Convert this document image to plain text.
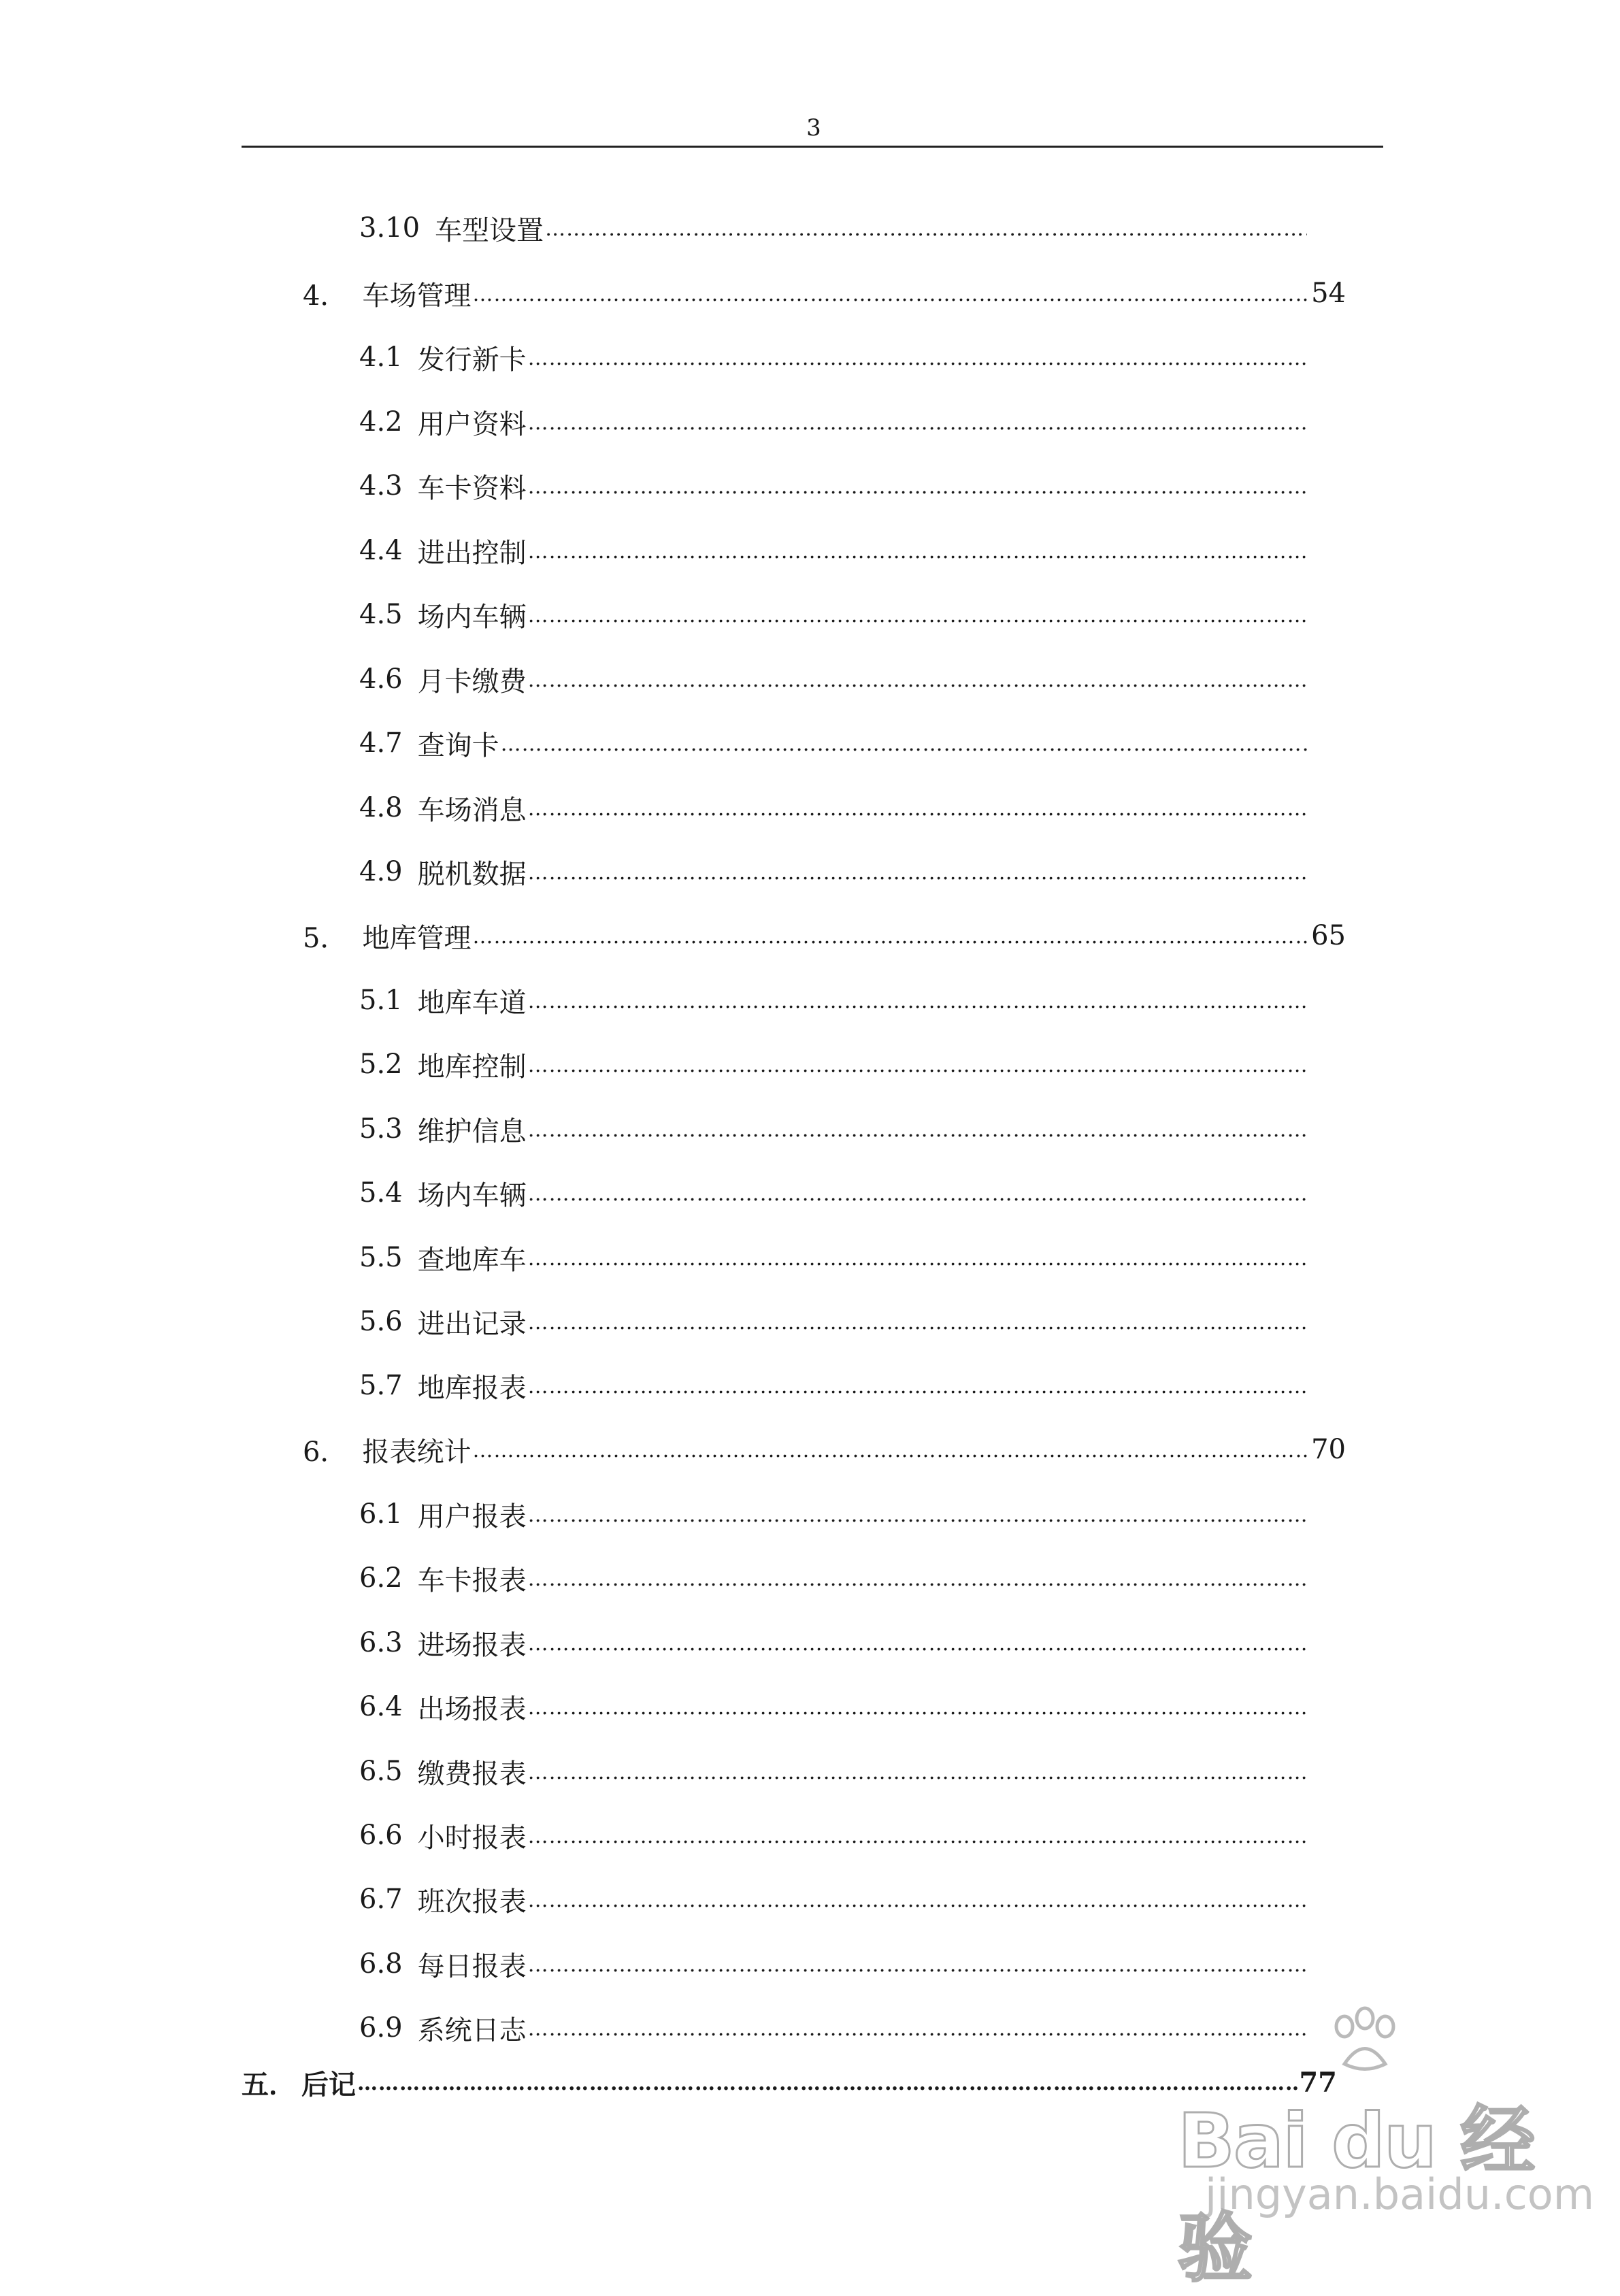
3
3.10 车型设置
…………………………………………………………………………………………………………………………………………………………………………………………………
4． 车场管理 …………………………………………………………………………………………………………………………………………………………………………………………………	54
4.1 发行新卡
…………………………………………………………………………………………………………………………………………………………………………………………………
4.2 用户资料
…………………………………………………………………………………………………………………………………………………………………………………………………
4.3 车卡资料
…………………………………………………………………………………………………………………………………………………………………………………………………
4.4 进出控制
…………………………………………………………………………………………………………………………………………………………………………………………………
4.5 场内车辆
…………………………………………………………………………………………………………………………………………………………………………………………………
4.6 月卡缴费
…………………………………………………………………………………………………………………………………………………………………………………………………
4.7 查询卡
…………………………………………………………………………………………………………………………………………………………………………………………………
4.8 车场消息
…………………………………………………………………………………………………………………………………………………………………………………………………
4.9 脱机数据
…………………………………………………………………………………………………………………………………………………………………………………………………
5． 地库管理 …………………………………………………………………………………………………………………………………………………………………………………………………	65
5.1 地库车道
…………………………………………………………………………………………………………………………………………………………………………………………………
5.2 地库控制
…………………………………………………………………………………………………………………………………………………………………………………………………
5.3 维护信息
…………………………………………………………………………………………………………………………………………………………………………………………………
5.4 场内车辆
…………………………………………………………………………………………………………………………………………………………………………………………………
5.5 查地库车
…………………………………………………………………………………………………………………………………………………………………………………………………
5.6 进出记录
…………………………………………………………………………………………………………………………………………………………………………………………………
5.7 地库报表
…………………………………………………………………………………………………………………………………………………………………………………………………
6． 报表统计 …………………………………………………………………………………………………………………………………………………………………………………………………	70
6.1 用户报表
…………………………………………………………………………………………………………………………………………………………………………………………………
6.2 车卡报表
…………………………………………………………………………………………………………………………………………………………………………………………………
6.3 进场报表
…………………………………………………………………………………………………………………………………………………………………………………………………
6.4 出场报表
…………………………………………………………………………………………………………………………………………………………………………………………………
6.5 缴费报表
…………………………………………………………………………………………………………………………………………………………………………………………………
6.6 小时报表
…………………………………………………………………………………………………………………………………………………………………………………………………
6.7 班次报表
…………………………………………………………………………………………………………………………………………………………………………………………………
6.8 每日报表
…………………………………………………………………………………………………………………………………………………………………………………………………
6.9 系统日志
…………………………………………………………………………………………………………………………………………………………………………………………………
五． 后记 …………………………………………………………………………………………………………………………………………………………………………………………………	77
Bai du 经验
jingyan.baidu.com
